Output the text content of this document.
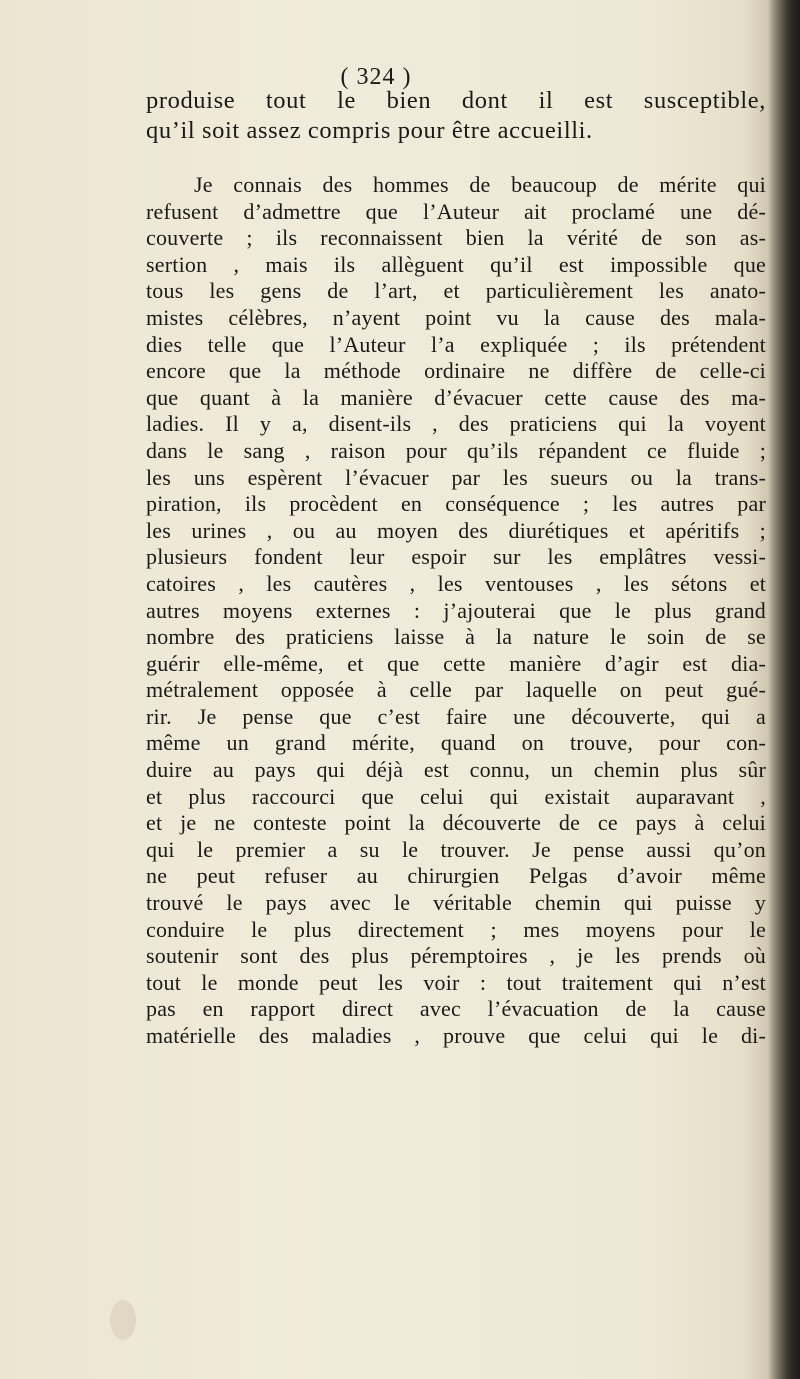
( 324 )
produise tout le bien dont il est susceptible,
qu’il soit assez compris pour être accueilli.
Je connais des hommes de beaucoup de mérite qui
refusent d’admettre que l’Auteur ait proclamé une dé-
couverte ; ils reconnaissent bien la vérité de son as-
sertion , mais ils allèguent qu’il est impossible que
tous les gens de l’art, et particulièrement les anato-
mistes célèbres, n’ayent point vu la cause des mala-
dies telle que l’Auteur l’a expliquée ; ils prétendent
encore que la méthode ordinaire ne diffère de celle-ci
que quant à la manière d’évacuer cette cause des ma-
ladies. Il y a, disent-ils , des praticiens qui la voyent
dans le sang , raison pour qu’ils répandent ce fluide ;
les uns espèrent l’évacuer par les sueurs ou la trans-
piration, ils procèdent en conséquence ; les autres par
les urines , ou au moyen des diurétiques et apéritifs ;
plusieurs fondent leur espoir sur les emplâtres vessi-
catoires , les cautères , les ventouses , les sétons et
autres moyens externes : j’ajouterai que le plus grand
nombre des praticiens laisse à la nature le soin de se
guérir elle-même, et que cette manière d’agir est dia-
métralement opposée à celle par laquelle on peut gué-
rir. Je pense que c’est faire une découverte, qui a
même un grand mérite, quand on trouve, pour con-
duire au pays qui déjà est connu, un chemin plus sûr
et plus raccourci que celui qui existait auparavant ,
et je ne conteste point la découverte de ce pays à celui
qui le premier a su le trouver. Je pense aussi qu’on
ne peut refuser au chirurgien Pelgas d’avoir même
trouvé le pays avec le véritable chemin qui puisse y
conduire le plus directement ; mes moyens pour le
soutenir sont des plus péremptoires , je les prends où
tout le monde peut les voir : tout traitement qui n’est
pas en rapport direct avec l’évacuation de la cause
matérielle des maladies , prouve que celui qui le di-
